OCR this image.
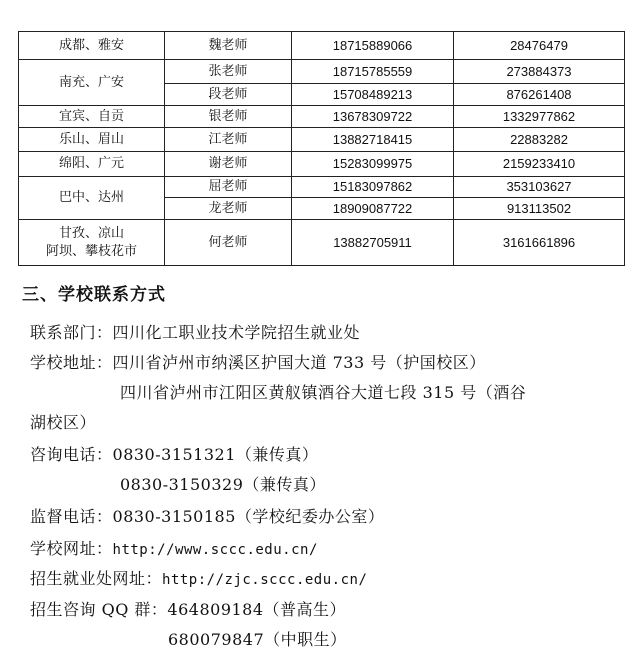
成都、雅安	魏老师	18715889066	28476479
南充、广安	张老师	18715785559	273884373
	段老师	15708489213	876261408
宜宾、自贡	银老师	13678309722	1332977862
乐山、眉山	江老师	13882718415	22883282
绵阳、广元	谢老师	15283099975	2159233410
巴中、达州	屈老师	15183097862	353103627
	龙老师	18909087722	913113502

甘孜、凉山
阿坝、攀枝花市	何老师	13882705911	3161661896
三、学校联系方式
联系部门：四川化工职业技术学院招生就业处
学校地址：四川省泸州市纳溪区护国大道 733 号（护国校区）
四川省泸州市江阳区黄舣镇酒谷大道七段 315 号（酒谷
湖校区）
咨询电话：0830-3151321（兼传真）
0830-3150329（兼传真）
监督电话：0830-3150185（学校纪委办公室）
学校网址：http://www.sccc.edu.cn/
招生就业处网址：http://zjc.sccc.edu.cn/
招生咨询 QQ 群：464809184（普高生）
680079847（中职生）
